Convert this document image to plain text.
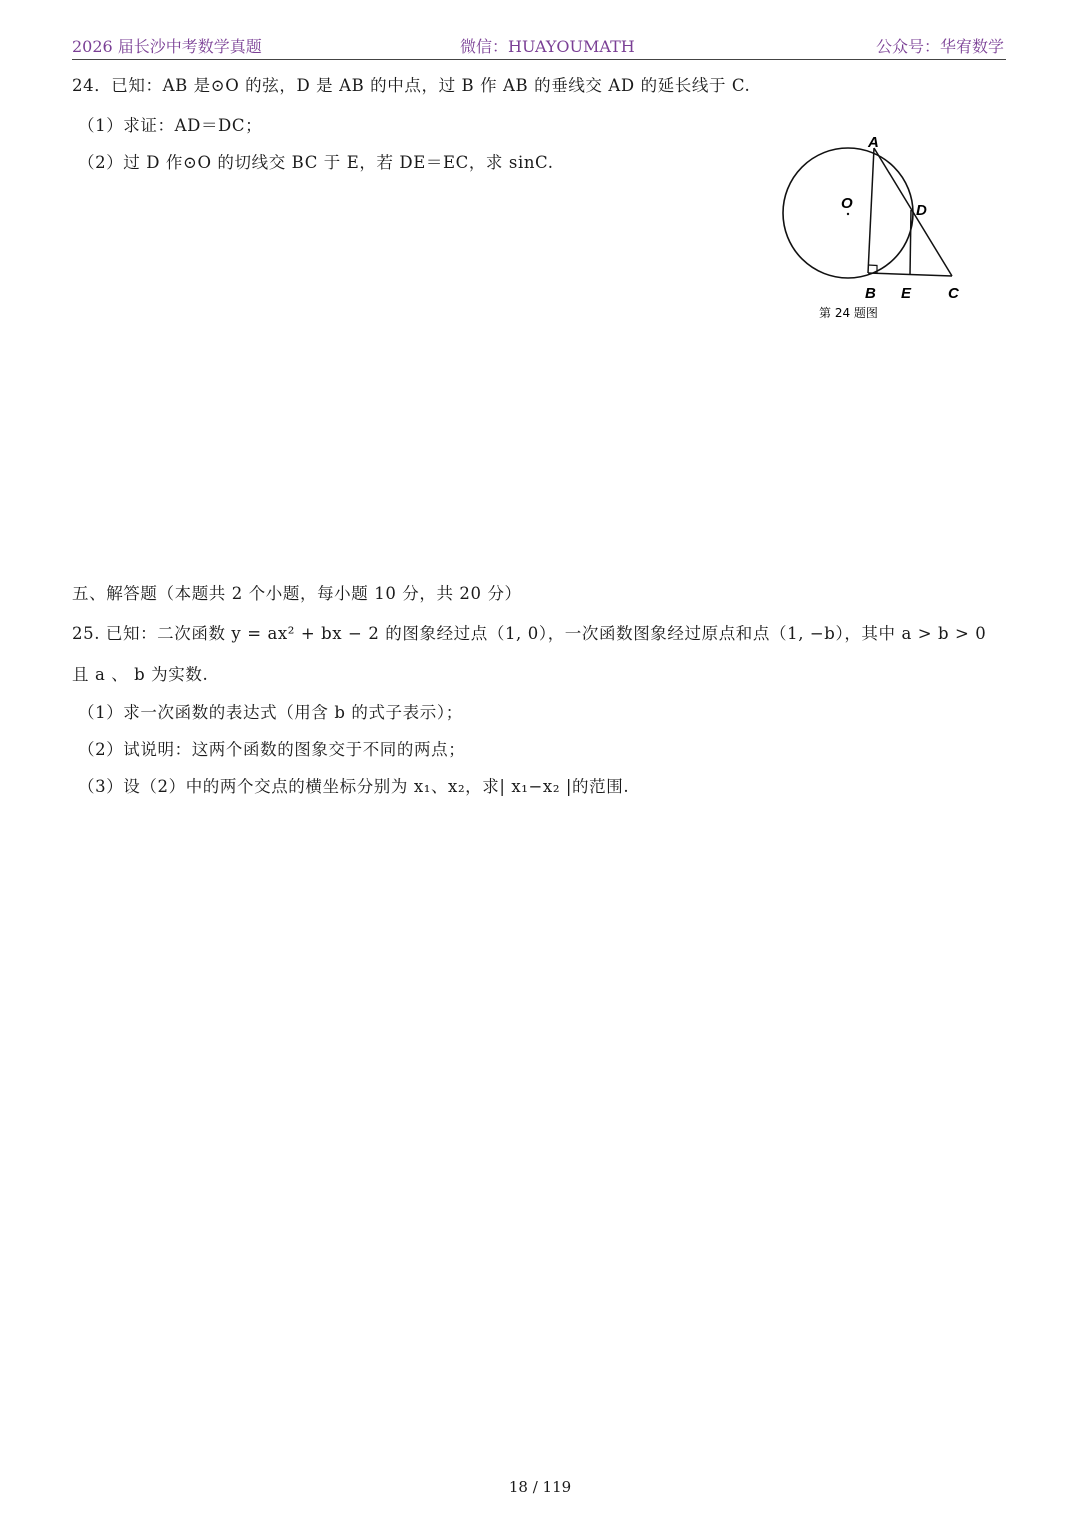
2026 届长沙中考数学真题	微信：HUAYOUMATH	公众号：华宥数学
24．已知：AB 是⊙O 的弦，D 是 AB 的中点，过 B 作 AB 的垂线交 AD 的延长线于 C.
（1）求证：AD＝DC；
（2）过 D 作⊙O 的切线交 BC 于 E，若 DE＝EC，求 sinC.
A
O	D
B E C
第 24 题图
五、解答题（本题共 2 个小题，每小题 10 分，共 20 分）
25. 已知：二次函数 y = ax² + bx − 2 的图象经过点（1, 0），一次函数图象经过原点和点（1, −b），其中 a > b > 0
且 a 、 b 为实数.
（1）求一次函数的表达式（用含 b 的式子表示）；
（2）试说明：这两个函数的图象交于不同的两点；
（3）设（2）中的两个交点的横坐标分别为 x₁、x₂，求| x₁−x₂ |的范围.
18 / 119
